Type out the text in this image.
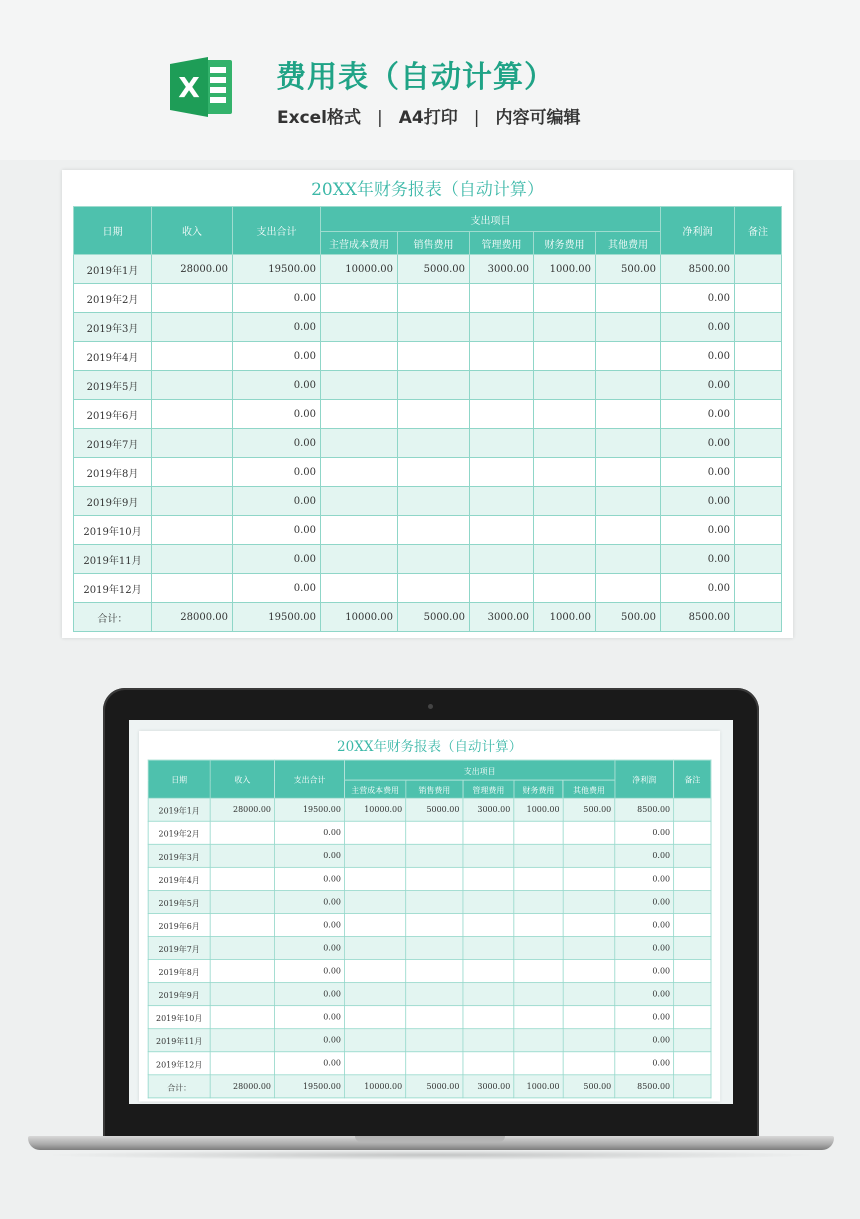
X	费用表（自动计算）
Excel格式 | A4打印 | 内容可编辑
20XX年财务报表（自动计算）
日期	收入	支出合计	支出项目					净利润	备注
			主营成本费用	销售费用	管理费用	财务费用	其他费用		
2019年1月	28000.00	19500.00	10000.00	5000.00	3000.00	1000.00	500.00	8500.00	
2019年2月		0.00						0.00	
2019年3月		0.00						0.00	
2019年4月		0.00						0.00	
2019年5月		0.00						0.00	
2019年6月		0.00						0.00	
2019年7月		0.00						0.00	
2019年8月		0.00						0.00	
2019年9月		0.00						0.00	
2019年10月		0.00						0.00	
2019年11月		0.00						0.00	
2019年12月		0.00						0.00	
合计：	28000.00	19500.00	10000.00	5000.00	3000.00	1000.00	500.00	8500.00	
20XX年财务报表（自动计算）
日期	收入	支出合计	支出项目					净利润	备注
			主营成本费用	销售费用	管理费用	财务费用	其他费用		
2019年1月	28000.00	19500.00	10000.00	5000.00	3000.00	1000.00	500.00	8500.00	
2019年2月		0.00						0.00	
2019年3月		0.00						0.00	
2019年4月		0.00						0.00	
2019年5月		0.00						0.00	
2019年6月		0.00						0.00	
2019年7月		0.00						0.00	
2019年8月		0.00						0.00	
2019年9月		0.00						0.00	
2019年10月		0.00						0.00	
2019年11月		0.00						0.00	
2019年12月		0.00						0.00	
合计：	28000.00	19500.00	10000.00	5000.00	3000.00	1000.00	500.00	8500.00	
